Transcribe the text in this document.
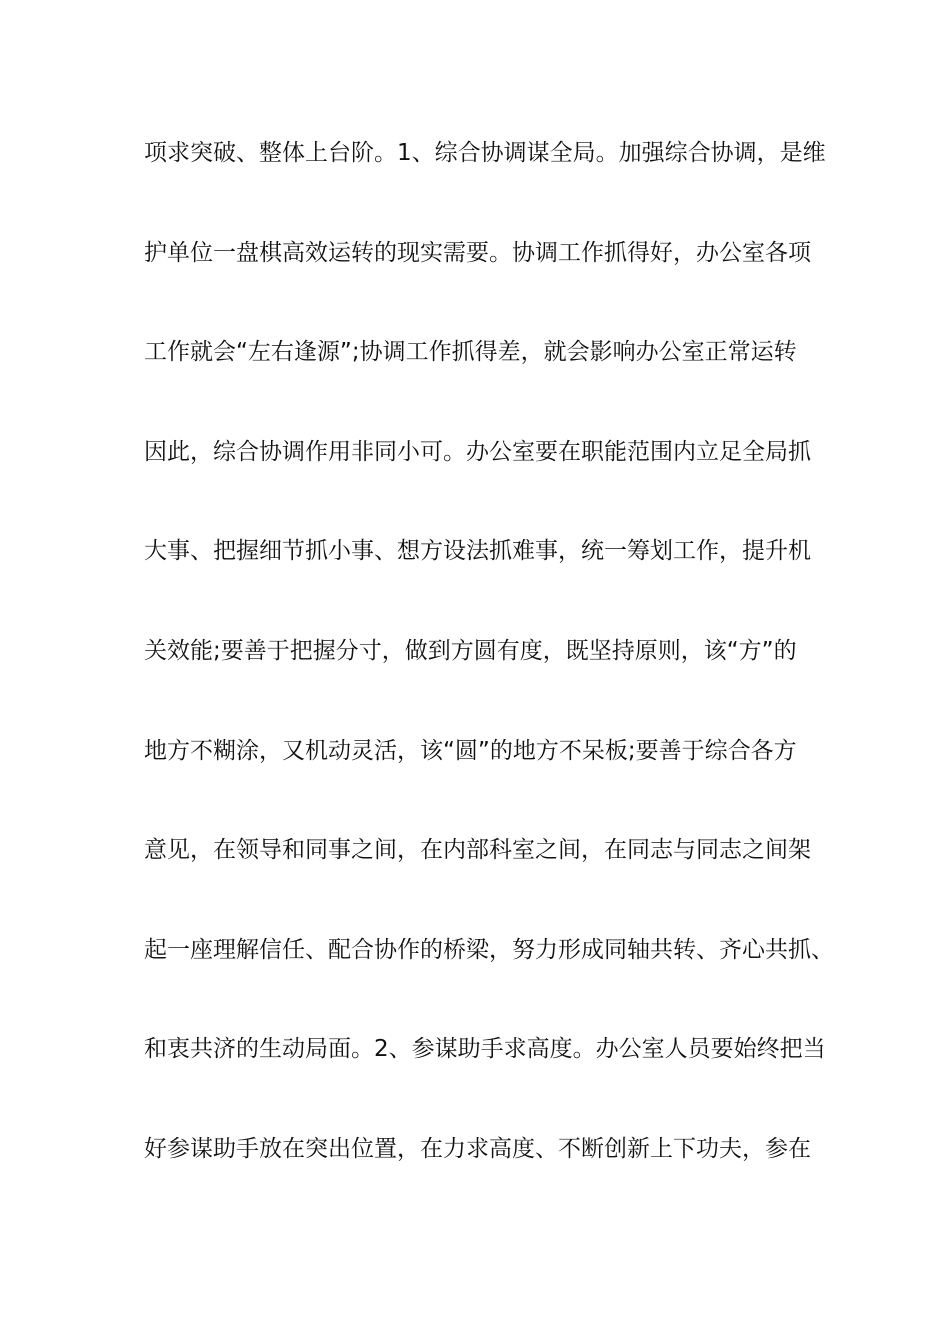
项求突破、整体上台阶。1、综合协调谋全局。加强综合协调，是维
护单位一盘棋高效运转的现实需要。协调工作抓得好，办公室各项
工作就会“左右逢源”;协调工作抓得差，就会影响办公室正常运转
因此，综合协调作用非同小可。办公室要在职能范围内立足全局抓
大事、把握细节抓小事、想方设法抓难事，统一筹划工作，提升机
关效能;要善于把握分寸，做到方圆有度，既坚持原则，该“方”的
地方不糊涂，又机动灵活，该“圆”的地方不呆板;要善于综合各方
意见，在领导和同事之间，在内部科室之间，在同志与同志之间架
起一座理解信任、配合协作的桥梁，努力形成同轴共转、齐心共抓、
和衷共济的生动局面。2、参谋助手求高度。办公室人员要始终把当
好参谋助手放在突出位置，在力求高度、不断创新上下功夫，参在
